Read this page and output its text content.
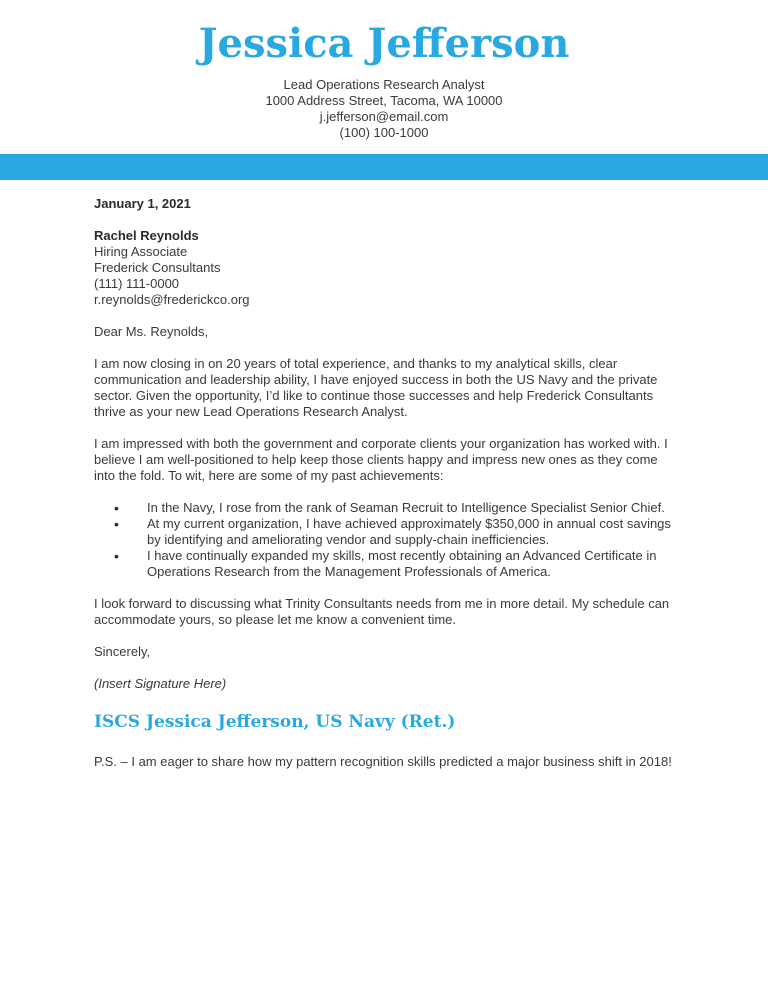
Jessica Jefferson
Lead Operations Research Analyst
1000 Address Street, Tacoma, WA 10000
j.jefferson@email.com
(100) 100-1000

January 1, 2021

Rachel Reynolds
Hiring Associate
Frederick Consultants
(111) 111-0000
r.reynolds@frederickco.org

Dear Ms. Reynolds,

I am now closing in on 20 years of total experience, and thanks to my analytical skills, clear communication and leadership ability, I have enjoyed success in both the US Navy and the private sector. Given the opportunity, I’d like to continue those successes and help Frederick Consultants thrive as your new Lead Operations Research Analyst.

I am impressed with both the government and corporate clients your organization has worked with. I believe I am well-positioned to help keep those clients happy and impress new ones as they come into the fold. To wit, here are some of my past achievements:

• In the Navy, I rose from the rank of Seaman Recruit to Intelligence Specialist Senior Chief.
• At my current organization, I have achieved approximately $350,000 in annual cost savings by identifying and ameliorating vendor and supply-chain inefficiencies.
• I have continually expanded my skills, most recently obtaining an Advanced Certificate in Operations Research from the Management Professionals of America.

I look forward to discussing what Trinity Consultants needs from me in more detail. My schedule can accommodate yours, so please let me know a convenient time.

Sincerely,

(Insert Signature Here)

ISCS Jessica Jefferson, US Navy (Ret.)

P.S. – I am eager to share how my pattern recognition skills predicted a major business shift in 2018!
